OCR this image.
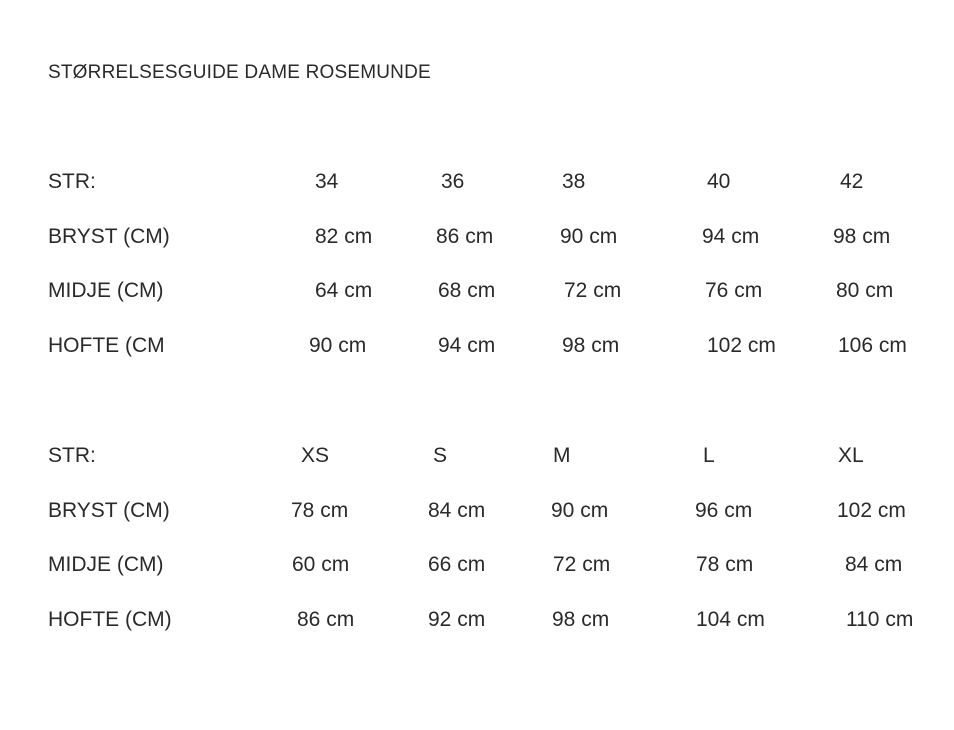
STØRRELSESGUIDE DAME ROSEMUNDE
STR:	34	36	38	40	42
BRYST (CM)	82 cm	86 cm	90 cm	94 cm	98 cm
MIDJE (CM)	64 cm	68 cm	72 cm	76 cm	80 cm
HOFTE (CM	90 cm	94 cm	98 cm	102 cm	106 cm
STR:	XS	S	M	L	XL
BRYST (CM)	78 cm	84 cm	90 cm	96 cm	102 cm
MIDJE (CM)	60 cm	66 cm	72 cm	78 cm	84 cm
HOFTE (CM)	86 cm	92 cm	98 cm	104 cm	110 cm
